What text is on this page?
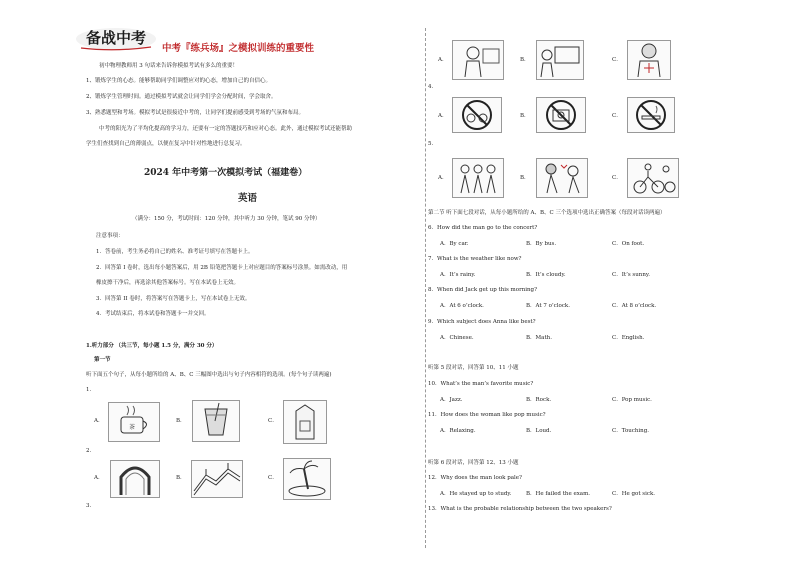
备战中考
中考『练兵场』之模拟训练的重要性
初中物理教师用 3 句话来告诉你模拟考试有多么的重要！
1、锻炼学生的心态。能够帮助同学们调整应对的心态，增加自己的自信心。
2、锻炼学生管理时间。通过模拟考试就会让同学们学会分配时间，学会取舍。
3、熟悉题型和考场。模拟考试是很接近中考的，让同学们提前感受到考场的气氛和布局。
中考的阳光为了平均化提高的学习力，还要有一定的答题技巧和应对心态。此外，通过模拟考试还能帮助
学生们查找到自己的薄弱点，以便在复习中针对性地进行总复习。
2024 年中考第一次模拟考试（福建卷）
英语
（满分：150 分，考试时间：120 分钟，其中听力 30 分钟，笔试 90 分钟）
注意事项：
1．答卷前，考生务必将自己的姓名、准考证号填写在答题卡上。
2．回答第 I 卷时，选出每小题答案后，用 2B 铅笔把答题卡上对应题目的答案标号涂黑。如需改动，用
橡皮擦干净后，再选涂其他答案标号。写在本试卷上无效。
3．回答第 II 卷时，将答案写在答题卡上，写在本试卷上无效。
4．考试结束后，将本试卷和答题卡一并交回。
1.听力部分 （共三节，每小题 1.5 分，满分 30 分）
第一节
听下面五个句子，从每小题所给的 A、B、C 三幅图中选出与句子内容相符的选项。(每个句子读两遍)
1．
A．
茶
B．	C．
2．
A．	B．	C．
3．
A．	B．	C．
4．
A．	B．	C．
5．
A．	B．	C．
第二节 听下面七段对话，从每小题所给的 A、B、C 三个选项中选出正确答案（每段对话读两遍）
6．How did the man go to the concert?
A．By car.	B．By bus.	C．On foot.
7．What is the weather like now?
A．It’s rainy.	B．It’s cloudy.	C．It’s sunny.
8．When did Jack get up this morning?
A．At 6 o’clock.	B．At 7 o’clock.	C．At 8 o’clock.
9．Which subject does Anna like best?
A．Chinese.	B．Math.	C．English.
听第 5 段对话，回答第 10、11 小题
10．What’s the man’s favorite music?
A．Jazz.	B．Rock.	C．Pop music.
11．How does the woman like pop music?
A．Relaxing.	B．Loud.	C．Touching.
听第 6 段对话，回答第 12、13 小题
12．Why does the man look pale?
A．He stayed up to study.	B．He failed the exam.	C．He got sick.
13．What is the probable relationship between the two speakers?
